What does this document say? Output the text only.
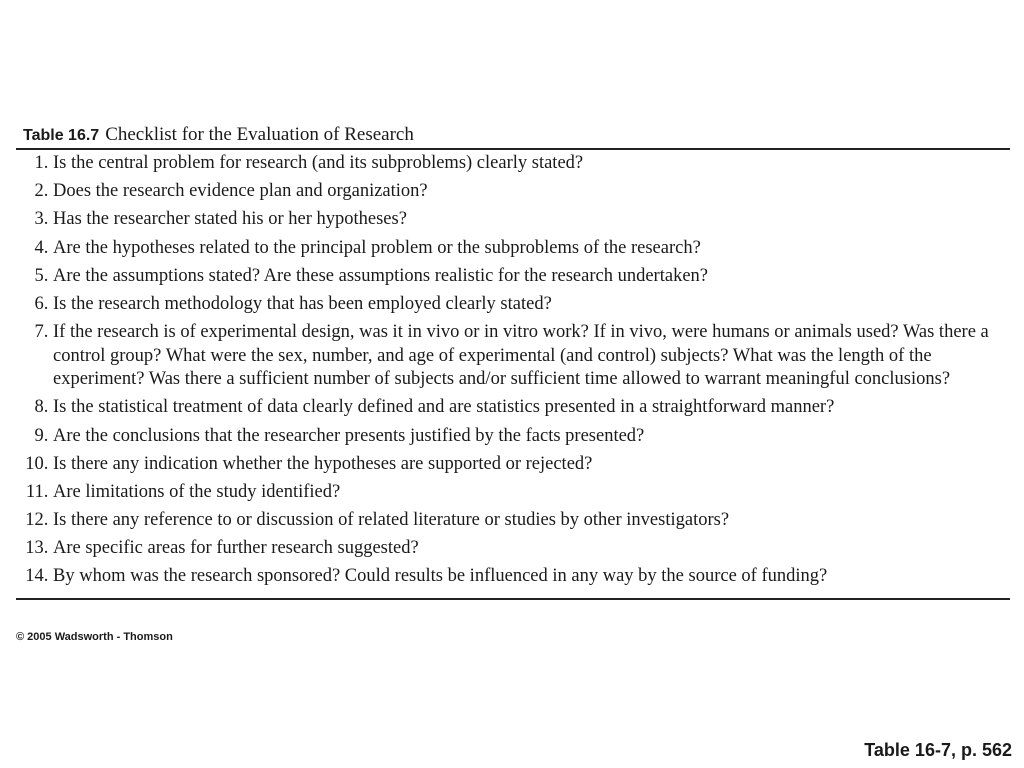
Table 16.7 Checklist for the Evaluation of Research
1. Is the central problem for research (and its subproblems) clearly stated?
2. Does the research evidence plan and organization?
3. Has the researcher stated his or her hypotheses?
4. Are the hypotheses related to the principal problem or the subproblems of the research?
5. Are the assumptions stated? Are these assumptions realistic for the research undertaken?
6. Is the research methodology that has been employed clearly stated?
7. If the research is of experimental design, was it in vivo or in vitro work? If in vivo, were humans or animals used? Was there a control group? What were the sex, number, and age of experimental (and control) subjects? What was the length of the experiment? Was there a sufficient number of subjects and/or sufficient time allowed to warrant meaningful conclusions?
8. Is the statistical treatment of data clearly defined and are statistics presented in a straightforward manner?
9. Are the conclusions that the researcher presents justified by the facts presented?
10. Is there any indication whether the hypotheses are supported or rejected?
11. Are limitations of the study identified?
12. Is there any reference to or discussion of related literature or studies by other investigators?
13. Are specific areas for further research suggested?
14. By whom was the research sponsored? Could results be influenced in any way by the source of funding?
© 2005 Wadsworth - Thomson
Table 16-7, p. 562
